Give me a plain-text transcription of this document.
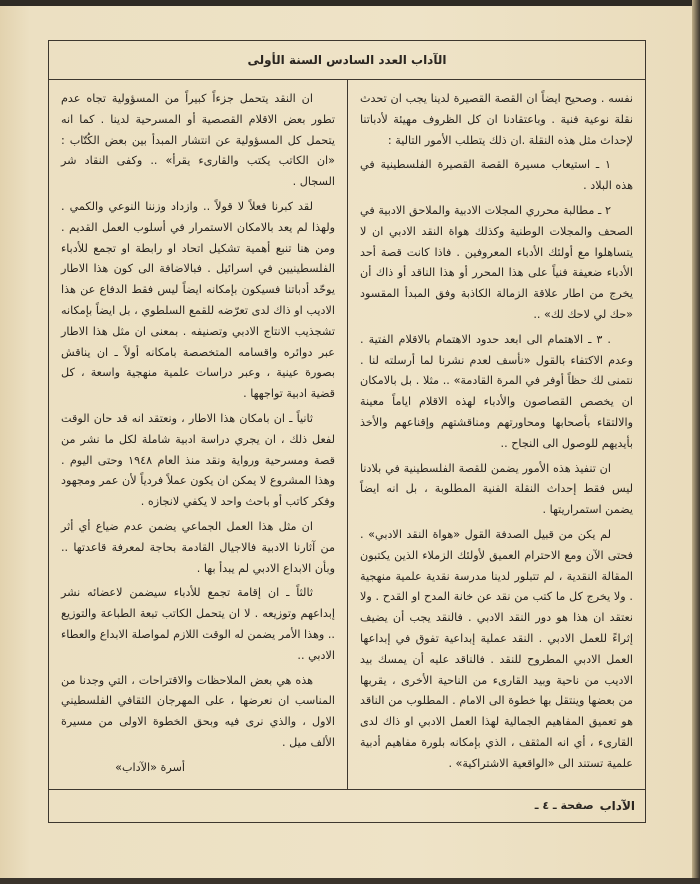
الآداب العدد السادس السنة الأولى

نفسه . وصحيح ايضاً ان القصة القصيرة لدينا يجب ان تحدث نقلة نوعية فنية . وباعتقادنا ان كل الظروف مهيئة لأدباتنا لإحداث مثل هذه النقلة .ان ذلك يتطلب الأمور التالية :

١ ـ استيعاب مسيرة القصة القصيرة الفلسطينية في هذه البلاد .

٢ ـ مطالبة محرري المجلات الادبية والملاحق الادبية في الصحف والمجلات الوطنية وكذلك هواة النقد الادبي ان لا يتساهلوا مع أولئك الأدباء المعروفين . فاذا كانت قصة أحد الأدباء ضعيفة فنياً على هذا المحرر أو هذا الناقد أو ذاك أن يخرج من اطار علاقة الزمالة الكاذبة وفق المبدأ المقسود «حك لي لاحك لك» ..

. ٣ ـ الاهتمام الى ابعد حدود الاهتمام بالاقلام الفتية . وعدم الاكتفاء بالقول «نأسف لعدم نشرنا لما أرسلته لنا . نتمنى لك حظاً أوفر في المرة القادمة» .. مثلا . بل بالامكان ان يخصص القصاصون والأدباء لهذه الاقلام اياماً معينة والالتقاء بأصحابها ومحاورتهم ومناقشتهم وإقناعهم والأخذ بأيديهم للوصول الى النجاح ..

ان تنفيذ هذه الأمور يضمن للقصة الفلسطينية في بلادنا ليس فقط إحداث النقلة الفنية المطلوبة ، بل انه ايضاً يضمن استمراريتها .

لم يكن من قبيل الصدفة القول «هواة النقد الادبي» . فحتى الآن ومع الاحترام العميق لأولئك الزملاء الذين يكتبون المقالة النقدية ، لم تتبلور لدينا مدرسة نقدية علمية منهجية . ولا يخرج كل ما كتب من نقد عن خانة المدح او القدح . ولا نعتقد ان هذا هو دور النقد الادبي . فالنقد يجب أن يضيف إثراءً للعمل الادبي . النقد عملية إبداعية تفوق في إبداعها العمل الادبي المطروح للنقد . فالناقد عليه أن يمسك بيد الاديب من ناحية وبيد القارىء من الناحية الأخرى ، يقربها من بعضها وينتقل بها خطوة الى الامام . المطلوب من الناقد هو تعميق المفاهيم الجمالية لهذا العمل الادبي او ذاك لدى القارىء ، أي انه المثقف ، الذي بإمكانه بلورة مفاهيم أدبية علمية تستند الى «الواقعية الاشتراكية» .

ان النقد يتحمل جزءاً كبيراً من المسؤولية تجاه عدم تطور بعض الاقلام القصصية أو المسرحية لدينا . كما انه يتحمل كل المسؤولية عن انتشار المبدأ بين بعض الكُتّاب : «ان الكاتب يكتب والقارىء يقرأ» .. وكفى النقاد شر السجال .

لقد كبرنا فعلاً لا قولاً .. وازداد وزننا النوعي والكمي . ولهذا لم يعد بالامكان الاستمرار في أسلوب العمل القديم . ومن هنا تنبع أهمية تشكيل اتحاد او رابطة او تجمع للأدباء الفلسطينيين في اسرائيل . فبالاضافة الى كون هذا الاطار يوحّد أدباتنا فسيكون بإمكانه ايضاً ليس فقط الدفاع عن هذا الاديب او ذاك لدى تعرّضه للقمع السلطوي ، بل ايضاً بإمكانه تشجذيب الانتاج الادبي وتصنيفه . بمعنى ان مثل هذا الاطار عبر دوائره واقسامه المتخصصة بامكانه أولاً ـ ان يناقش بصورة عينية ، وعبر دراسات علمية منهجية واسعة ، كل قضية ادبية تواجهها .

ثانياً ـ ان بامكان هذا الاطار ، ونعتقد انه قد حان الوقت لفعل ذلك ، ان يجري دراسة ادبية شاملة لكل ما نشر من قصة ومسرحية ورواية ونقد منذ العام ١٩٤٨ وحتى اليوم . وهذا المشروع لا يمكن ان يكون عملاً فردياً لأن عمر ومجهود وفكر كاتب أو باحث واحد لا يكفي لانجازه .

ان مثل هذا العمل الجماعي يضمن عدم ضياع أي أثر من آثارنا الادبية فالاجيال القادمة بحاجة لمعرفة قاعدتها .. وبأن الابداع الادبي لم يبدأ بها .

ثالثاً ـ ان إقامة تجمع للأدباء سيضمن لاعضائه نشر إبداعهم وتوزيعه . لا ان يتحمل الكاتب تبعة الطباعة والتوزيع .. وهذا الأمر يضمن له الوقت اللازم لمواصلة الابداع والعطاء الادبي ..

هذه هي بعض الملاحظات والاقتراحات ، التي وجدنا من المناسب ان نعرضها ، على المهرجان الثقافي الفلسطيني الاول ، والذي نرى فيه وبحق الخطوة الاولى من مسيرة الألف ميل .

أسرة «الآداب»

الآداب
صفحة ـ ٤ ـ
